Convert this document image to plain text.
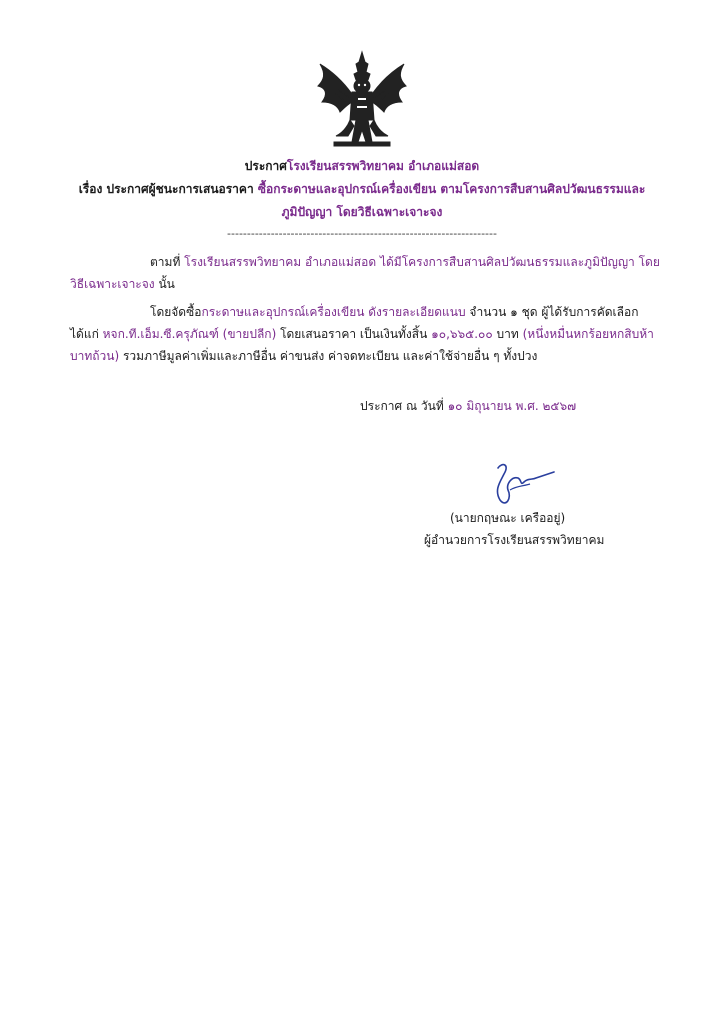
ประกาศโรงเรียนสรรพวิทยาคม อำเภอแม่สอด
เรื่อง ประกาศผู้ชนะการเสนอราคา ซื้อกระดาษและอุปกรณ์เครื่องเขียน ตามโครงการสืบสานศิลปวัฒนธรรมและ
ภูมิปัญญา โดยวิธีเฉพาะเจาะจง
--------------------------------------------------------------------
ตามที่ โรงเรียนสรรพวิทยาคม อำเภอแม่สอด ได้มีโครงการสืบสานศิลปวัฒนธรรมและภูมิปัญญา โดย
วิธีเฉพาะเจาะจง นั้น
โดยจัดซื้อกระดาษและอุปกรณ์เครื่องเขียน ดังรายละเอียดแนบ จำนวน ๑ ชุด ผู้ได้รับการคัดเลือก
ได้แก่ หจก.ที.เอ็ม.ซี.ครุภัณฑ์ (ขายปลีก) โดยเสนอราคา เป็นเงินทั้งสิ้น ๑๐,๖๖๕.๐๐ บาท (หนึ่งหมื่นหกร้อยหกสิบห้า
บาทถ้วน) รวมภาษีมูลค่าเพิ่มและภาษีอื่น ค่าขนส่ง ค่าจดทะเบียน และค่าใช้จ่ายอื่น ๆ ทั้งปวง
ประกาศ ณ วันที่ ๑๐ มิถุนายน พ.ศ. ๒๕๖๗
(นายกฤษณะ เครืออยู่)
ผู้อำนวยการโรงเรียนสรรพวิทยาคม
